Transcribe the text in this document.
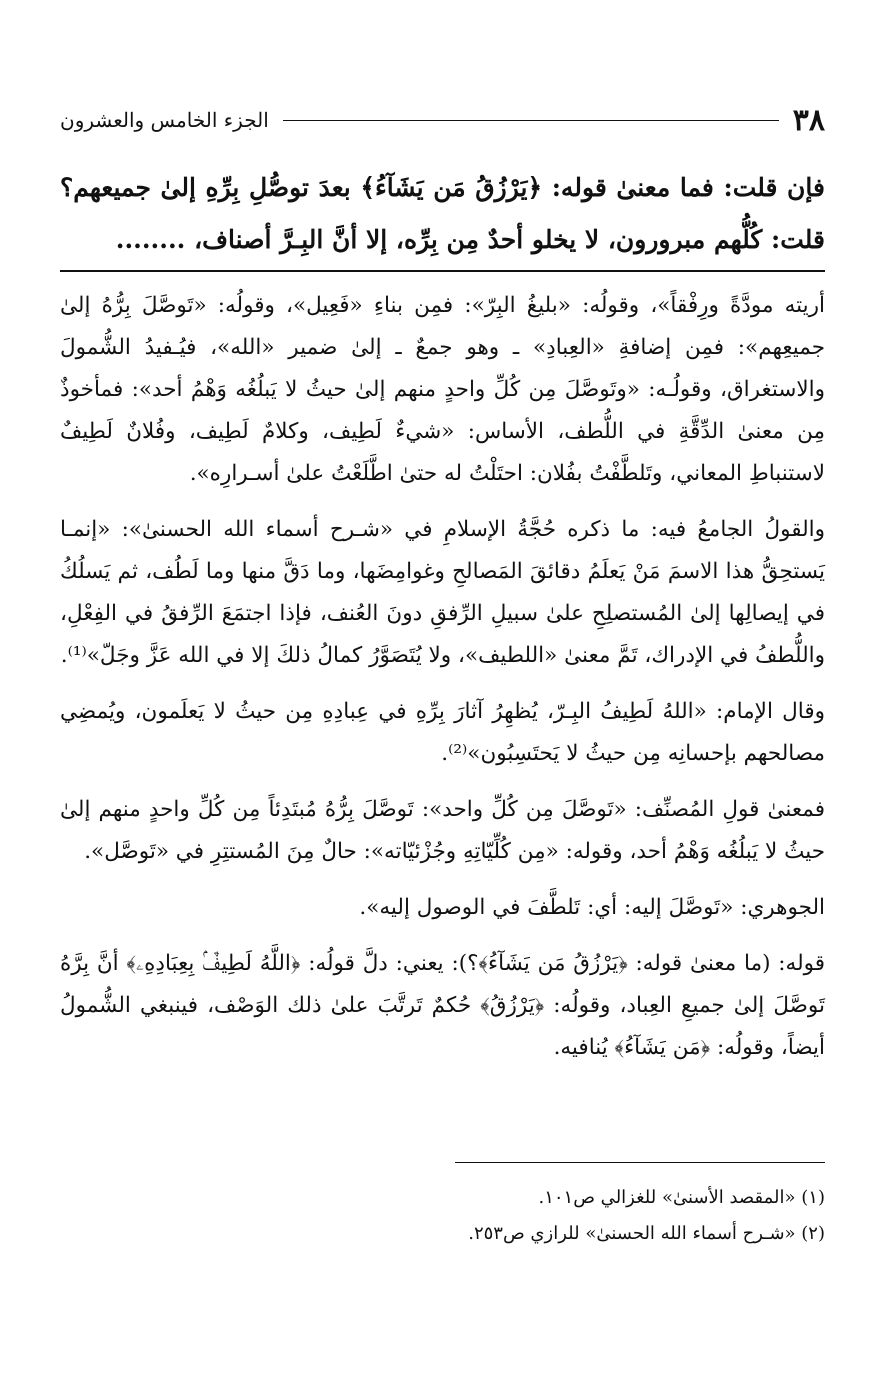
٣٨
الجزء الخامس والعشرون
فإن قلت: فما معنىٰ قوله: ﴿يَرْزُقُ مَن يَشَآءُ﴾ بعدَ توصُّلِ بِرِّهِ إلىٰ جميعهم؟ قلت: كُلُّهم مبرورون، لا يخلو أحدٌ مِن بِرِّه، إلا أنَّ البِـرَّ أصناف، ........

أريته مودَّةً ورِفْقاً»، وقولُه: «بليغُ البِرّ»: فمِن بناءِ «فَعِيل»، وقولُه: «تَوصَّلَ بِرُّهُ إلىٰ جميعِهم»: فمِن إضافةِ «العِبادِ» ـ وهو جمعٌ ـ إلىٰ ضمير «الله»، فيُـفيدُ الشُّمولَ والاستغراق، وقولُـه: «وتَوصَّلَ مِن كُلِّ واحدٍ منهم إلىٰ حيثُ لا يَبلُغُه وَهْمُ أحد»: فمأخوذٌ مِن معنىٰ الدِّقَّةِ في اللُّطف، الأساس: «شيءٌ لَطِيف، وكلامٌ لَطِيف، وفُلانٌ لَطِيفٌ لاستنباطِ المعاني، وتَلطَّفْتُ بفُلان: احتَلْتُ له حتىٰ اطَّلَعْتُ علىٰ أسـرارِه».

والقولُ الجامعُ فيه: ما ذكره حُجَّةُ الإسلامِ في «شـرح أسماء الله الحسنىٰ»: «إنمـا يَستحِقُّ هذا الاسمَ مَنْ يَعلَمُ دقائقَ المَصالحِ وغوامِضَها، وما دَقَّ منها وما لَطُف، ثم يَسلُكُ في إيصالِها إلىٰ المُستصلِحِ علىٰ سبيلِ الرِّفقِ دونَ العُنف، فإذا اجتمَعَ الرِّفقُ في الفِعْلِ، واللُّطفُ في الإدراك، تَمَّ معنىٰ «اللطيف»، ولا يُتَصَوَّرُ كمالُ ذلكَ إلا في الله عَزَّ وجَلّ»⁽¹⁾.

وقال الإمام: «اللهُ لَطِيفُ البِـرّ، يُظهِرُ آثارَ بِرِّهِ في عِبادِهِ مِن حيثُ لا يَعلَمون، ويُمضِي مصالحهم بإحسانِه مِن حيثُ لا يَحتَسِبُون»⁽²⁾.

فمعنىٰ قولِ المُصنِّف: «تَوصَّلَ مِن كُلِّ واحد»: تَوصَّلَ بِرُّهُ مُبتَدِئاً مِن كُلِّ واحدٍ منهم إلىٰ حيثُ لا يَبلُغُه وَهْمُ أحد، وقوله: «مِن كُلِّيّاتِهِ وجُزْئيّاته»: حالٌ مِنَ المُستتِرِ في «تَوصَّل».

الجوهري: «تَوصَّلَ إليه: أي: تَلطَّفَ في الوصول إليه».

قوله: (ما معنىٰ قوله: ﴿يَرْزُقُ مَن يَشَآءُ﴾؟): يعني: دلَّ قولُه: ﴿اللَّهُ لَطِيفٌۢ بِعِبَادِهِۦ﴾ أنَّ بِرَّهُ تَوصَّلَ إلىٰ جميعِ العِباد، وقولُه: ﴿يَرْزُقُ﴾ حُكمٌ تَرتَّبَ علىٰ ذلك الوَصْف، فينبغي الشُّمولُ أيضاً، وقولُه: ﴿مَن يَشَآءُ﴾ يُنافيه.

(١) «المقصد الأسنىٰ» للغزالي ص١٠١.

(٢) «شـرح أسماء الله الحسنىٰ» للرازي ص٢٥٣.
